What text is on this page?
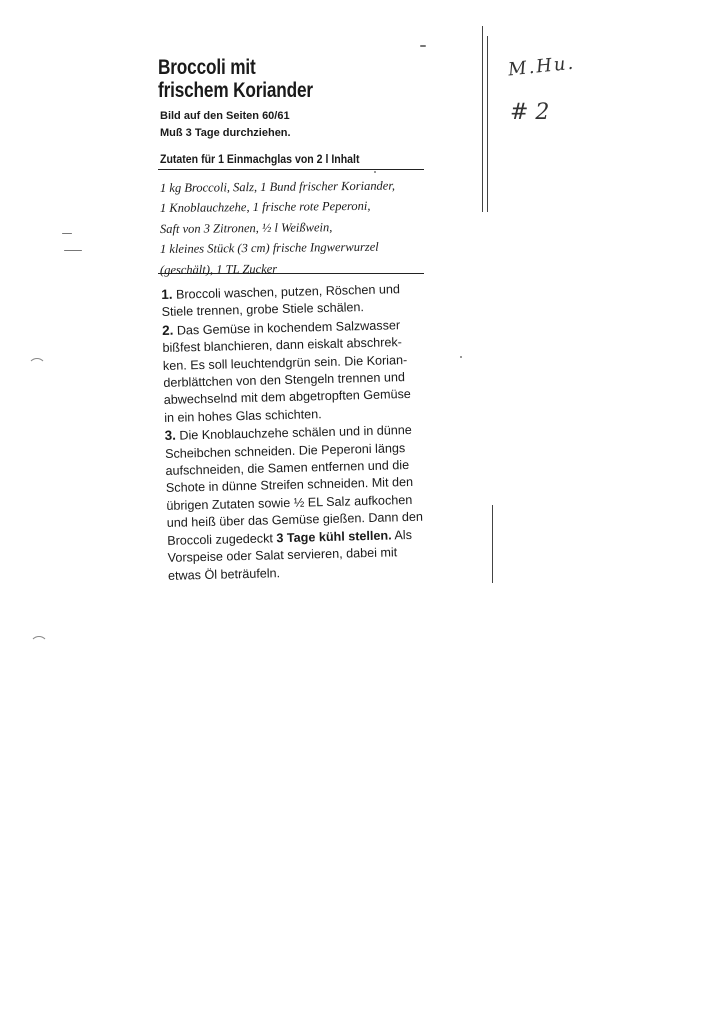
Broccoli mit
frischem Koriander
Bild auf den Seiten 60/61
Muß 3 Tage durchziehen.
Zutaten für 1 Einmachglas von 2 l Inhalt
1 kg Broccoli, Salz, 1 Bund frischer Koriander,
1 Knoblauchzehe, 1 frische rote Peperoni,
Saft von 3 Zitronen, ½ l Weißwein,
1 kleines Stück (3 cm) frische Ingwerwurzel
(geschält), 1 TL Zucker
1. Broccoli waschen, putzen, Röschen und
Stiele trennen, grobe Stiele schälen.
2. Das Gemüse in kochendem Salzwasser
bißfest blanchieren, dann eiskalt abschrek-
ken. Es soll leuchtendgrün sein. Die Korian-
derblättchen von den Stengeln trennen und
abwechselnd mit dem abgetropften Gemüse
in ein hohes Glas schichten.
3. Die Knoblauchzehe schälen und in dünne
Scheibchen schneiden. Die Peperoni längs
aufschneiden, die Samen entfernen und die
Schote in dünne Streifen schneiden. Mit den
übrigen Zutaten sowie ½ EL Salz aufkochen
und heiß über das Gemüse gießen. Dann den
Broccoli zugedeckt 3 Tage kühl stellen. Als
Vorspeise oder Salat servieren, dabei mit
etwas Öl beträufeln.
M.Hu.
# 2
